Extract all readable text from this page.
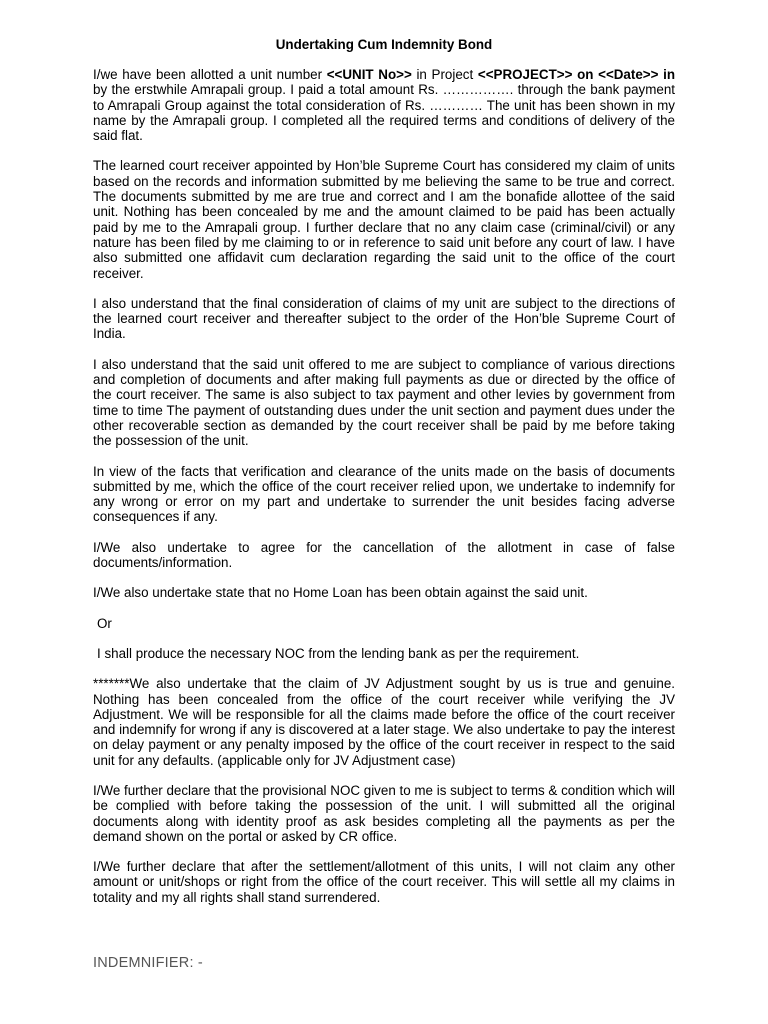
Undertaking Cum Indemnity Bond

I/we have been allotted a unit number <<UNIT No>> in Project <<PROJECT>> on <<Date>> in by the erstwhile Amrapali group. I paid a total amount Rs. ……………. through the bank payment to Amrapali Group against the total consideration of Rs. ………… The unit has been shown in my name by the Amrapali group. I completed all the required terms and conditions of delivery of the said flat.

The learned court receiver appointed by Hon’ble Supreme Court has considered my claim of units based on the records and information submitted by me believing the same to be true and correct. The documents submitted by me are true and correct and I am the bonafide allottee of the said unit. Nothing has been concealed by me and the amount claimed to be paid has been actually paid by me to the Amrapali group. I further declare that no any claim case (criminal/civil) or any nature has been filed by me claiming to or in reference to said unit before any court of law. I have also submitted one affidavit cum declaration regarding the said unit to the office of the court receiver.

I also understand that the final consideration of claims of my unit are subject to the directions of the learned court receiver and thereafter subject to the order of the Hon’ble Supreme Court of India.

I also understand that the said unit offered to me are subject to compliance of various directions and completion of documents and after making full payments as due or directed by the office of the court receiver. The same is also subject to tax payment and other levies by government from time to time The payment of outstanding dues under the unit section and payment dues under the other recoverable section as demanded by the court receiver shall be paid by me before taking the possession of the unit.

In view of the facts that verification and clearance of the units made on the basis of documents submitted by me, which the office of the court receiver relied upon, we undertake to indemnify for any wrong or error on my part and undertake to surrender the unit besides facing adverse consequences if any.

I/We also undertake to agree for the cancellation of the allotment in case of false documents/information.

I/We also undertake state that no Home Loan has been obtain against the said unit.

Or

I shall produce the necessary NOC from the lending bank as per the requirement.

*******We also undertake that the claim of JV Adjustment sought by us is true and genuine. Nothing has been concealed from the office of the court receiver while verifying the JV Adjustment. We will be responsible for all the claims made before the office of the court receiver and indemnify for wrong if any is discovered at a later stage. We also undertake to pay the interest on delay payment or any penalty imposed by the office of the court receiver in respect to the said unit for any defaults. (applicable only for JV Adjustment case)

I/We further declare that the provisional NOC given to me is subject to terms & condition which will be complied with before taking the possession of the unit. I will submitted all the original documents along with identity proof as ask besides completing all the payments as per the demand shown on the portal or asked by CR office.

I/We further declare that after the settlement/allotment of this units, I will not claim any other amount or unit/shops or right from the office of the court receiver. This will settle all my claims in totality and my all rights shall stand surrendered.

INDEMNIFIER: -
